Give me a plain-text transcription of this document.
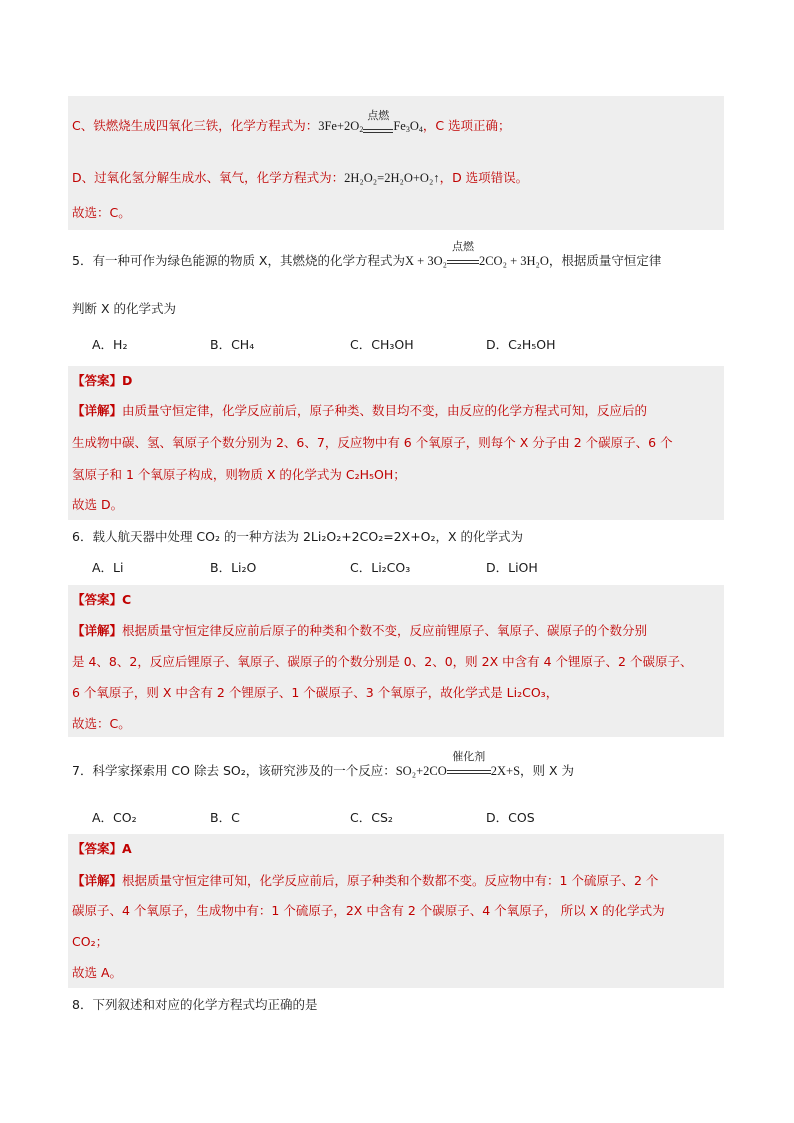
C、铁燃烧生成四氧化三铁，化学方程式为：$3Fe+2O_2$
点燃
$Fe_3O_4$，C 选项正确；
D、过氧化氢分解生成水、氧气，化学方程式为：2H₂O₂=2H₂O+O₂↑，D 选项错误。
故选：C。
5．有一种可作为绿色能源的物质 X，其燃烧的化学方程式为X + 3O₂
点燃
2CO₂ + 3H₂O，根据质量守恒定律
判断 X 的化学式为
A．H₂	B．CH₄	C．CH₃OH	D．C₂H₅OH
【答案】D
【详解】由质量守恒定律，化学反应前后，原子种类、数目均不变，由反应的化学方程式可知，反应后的
生成物中碳、氢、氧原子个数分别为 2、6、7，反应物中有 6 个氧原子，则每个 X 分子由 2 个碳原子、6 个
氢原子和 1 个氧原子构成，则物质 X 的化学式为 C₂H₅OH；
故选 D。
6．载人航天器中处理 CO₂ 的一种方法为 2Li₂O₂+2CO₂=2X+O₂，X 的化学式为
A．Li	B．Li₂O	C．Li₂CO₃	D．LiOH
【答案】C
【详解】根据质量守恒定律反应前后原子的种类和个数不变，反应前锂原子、氧原子、碳原子的个数分别
是 4、8、2，反应后锂原子、氧原子、碳原子的个数分别是 0、2、0，则 2X 中含有 4 个锂原子、2 个碳原子、
6 个氧原子，则 X 中含有 2 个锂原子、1 个碳原子、3 个氧原子，故化学式是 Li₂CO₃，
故选：C。
7．科学家探索用 CO 除去 SO₂，该研究涉及的一个反应：SO₂+2CO
催化剂
2X+S，则 X 为
A．CO₂	B．C	C．CS₂	D．COS
【答案】A
【详解】根据质量守恒定律可知，化学反应前后，原子种类和个数都不变。反应物中有：1 个硫原子、2 个
碳原子、4 个氧原子，生成物中有：1 个硫原子，2X 中含有 2 个碳原子、4 个氧原子， 所以 X 的化学式为
CO₂；
故选 A。
8．下列叙述和对应的化学方程式均正确的是
